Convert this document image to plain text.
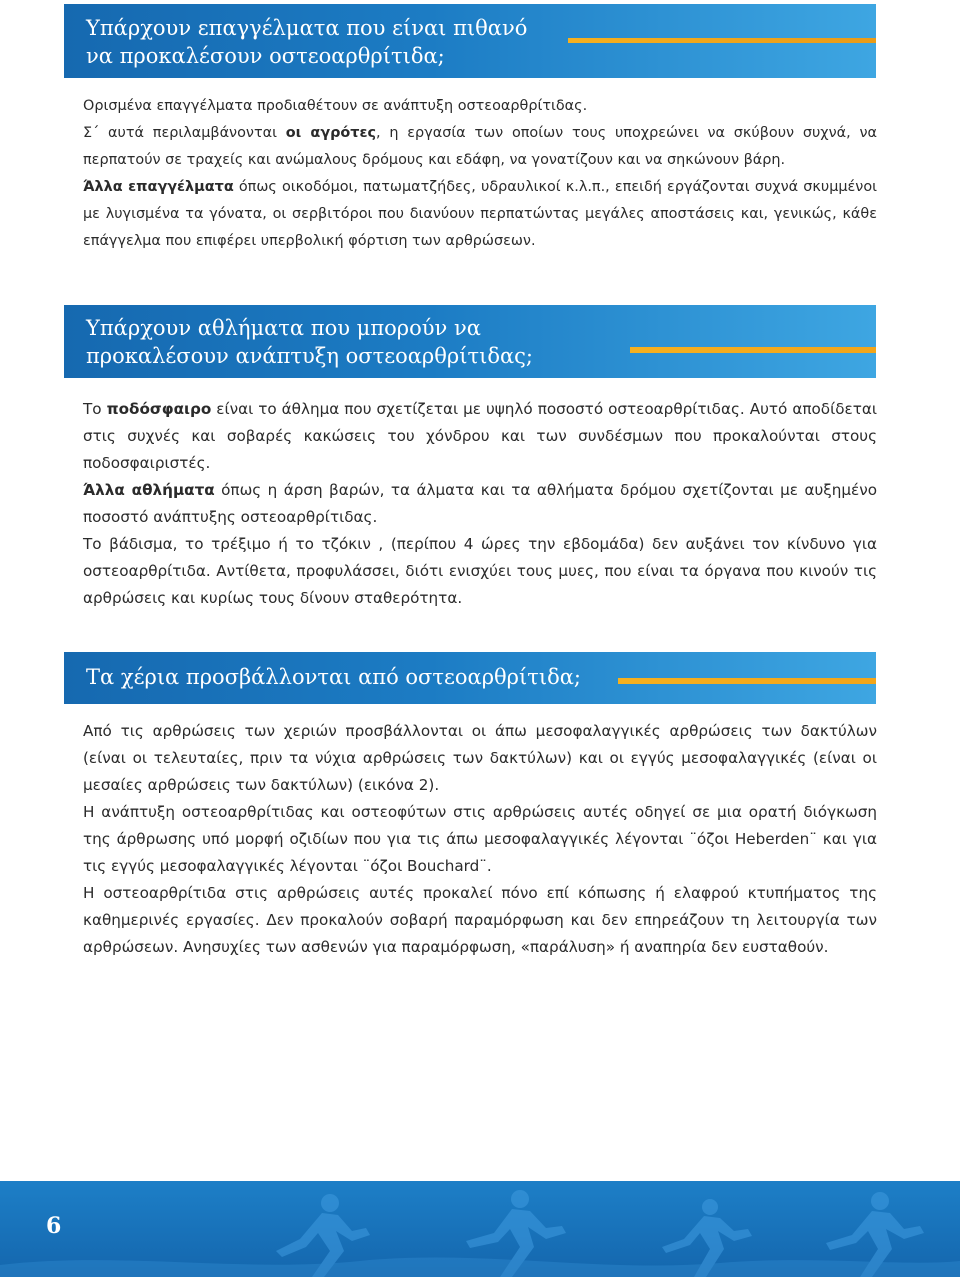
Υπάρχουν επαγγέλματα που είναι πιθανό
να προκαλέσουν οστεοαρθρίτιδα;

Ορισμένα επαγγέλματα προδιαθέτουν σε ανάπτυξη οστεοαρθρίτιδας.
Σ΄ αυτά περιλαμβάνονται οι αγρότες, η εργασία των οποίων τους υποχρεώνει να σκύβουν συχνά, να περπατούν σε τραχείς και ανώμαλους δρόμους και εδάφη, να γονατίζουν και να σηκώνουν βάρη.

Άλλα επαγγέλματα όπως οικοδόμοι, πατωματζήδες, υδραυλικοί κ.λ.π., επειδή εργάζονται συχνά σκυμμένοι με λυγισμένα τα γόνατα, οι σερβιτόροι που διανύουν περπατώντας μεγάλες αποστάσεις και, γενικώς, κάθε επάγγελμα που επιφέρει υπερβολική φόρτιση των αρθρώσεων.

Υπάρχουν αθλήματα που μπορούν να
προκαλέσουν ανάπτυξη οστεοαρθρίτιδας;

Το ποδόσφαιρο είναι το άθλημα που σχετίζεται με υψηλό ποσοστό οστεοαρθρίτιδας. Αυτό αποδίδεται στις συχνές και σοβαρές κακώσεις του χόνδρου και των συνδέσμων που προκαλούνται στους ποδοσφαιριστές.

Άλλα αθλήματα όπως η άρση βαρών, τα άλματα και τα αθλήματα δρόμου σχετίζονται με αυξημένο ποσοστό ανάπτυξης οστεοαρθρίτιδας.

Το βάδισμα, το τρέξιμο ή το τζόκιν , (περίπου 4 ώρες την εβδομάδα) δεν αυξάνει τον κίνδυνο για οστεοαρθρίτιδα. Αντίθετα, προφυλάσσει, διότι ενισχύει τους μυες, που είναι τα όργανα που κινούν τις αρθρώσεις και κυρίως τους δίνουν σταθερότητα.

Τα χέρια προσβάλλονται από οστεοαρθρίτιδα;

Από τις αρθρώσεις των χεριών προσβάλλονται οι άπω μεσοφαλαγγικές αρθρώσεις των δακτύλων (είναι οι τελευταίες, πριν τα νύχια αρθρώσεις των δακτύλων) και οι εγγύς μεσοφαλαγγικές (είναι οι μεσαίες αρθρώσεις των δακτύλων) (εικόνα 2).

Η ανάπτυξη οστεοαρθρίτιδας και οστεοφύτων στις αρθρώσεις αυτές οδηγεί σε μια ορατή διόγκωση της άρθρωσης υπό μορφή οζιδίων που για τις άπω μεσοφαλαγγικές λέγονται ¨όζοι Heberden¨ και για τις εγγύς μεσοφαλαγγικές λέγονται ¨όζοι Bouchard¨.

Η οστεοαρθρίτιδα στις αρθρώσεις αυτές προκαλεί πόνο επί κόπωσης ή ελαφρού κτυπήματος της καθημερινές εργασίες. Δεν προκαλούν σοβαρή παραμόρφωση και δεν επηρεάζουν τη λειτουργία των αρθρώσεων. Ανησυχίες των ασθενών για παραμόρφωση, «παράλυση» ή αναπηρία δεν ευσταθούν.

6
